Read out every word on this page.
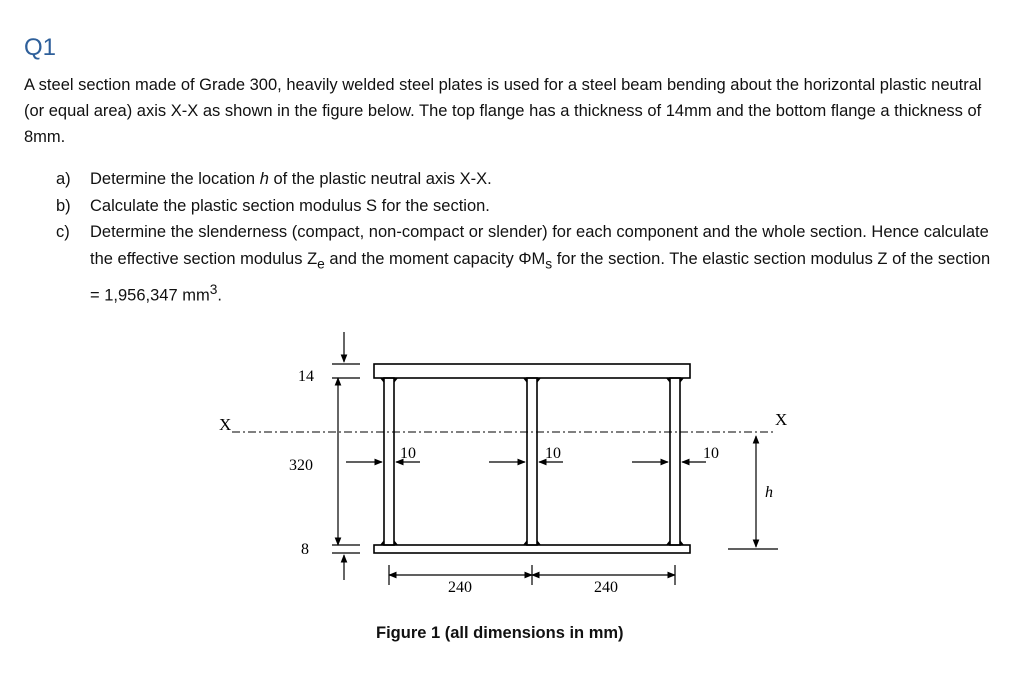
Q1

A steel section made of Grade 300, heavily welded steel plates is used for a steel beam bending about the horizontal plastic neutral (or equal area) axis X-X as shown in the figure below. The top flange has a thickness of 14mm and the bottom flange a thickness of 8mm.

a) Determine the location h of the plastic neutral axis X-X.
b) Calculate the plastic section modulus S for the section.
c) Determine the slenderness (compact, non-compact or slender) for each component and the whole section. Hence calculate the effective section modulus $Z_e$ and the moment capacity $\Phi M_s$ for the section. The elastic section modulus Z of the section = 1,956,347 $mm^3$.
X	X
14
320
8
10	10	10
240	240
h
Figure 1 (all dimensions in mm)
